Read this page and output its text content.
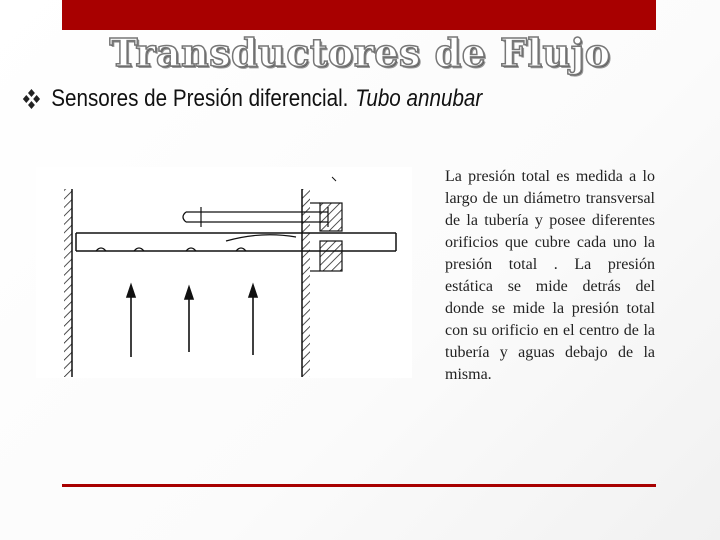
Transductores de Flujo
Sensores de Presión diferencial. Tubo annubar
La presión total es medida a lo largo de un diámetro transversal de la tubería y posee diferentes orificios que cubre cada uno la presión total . La presión estática se mide detrás del donde se mide la presión total con su orificio en el centro de la tubería y aguas debajo de la misma.
